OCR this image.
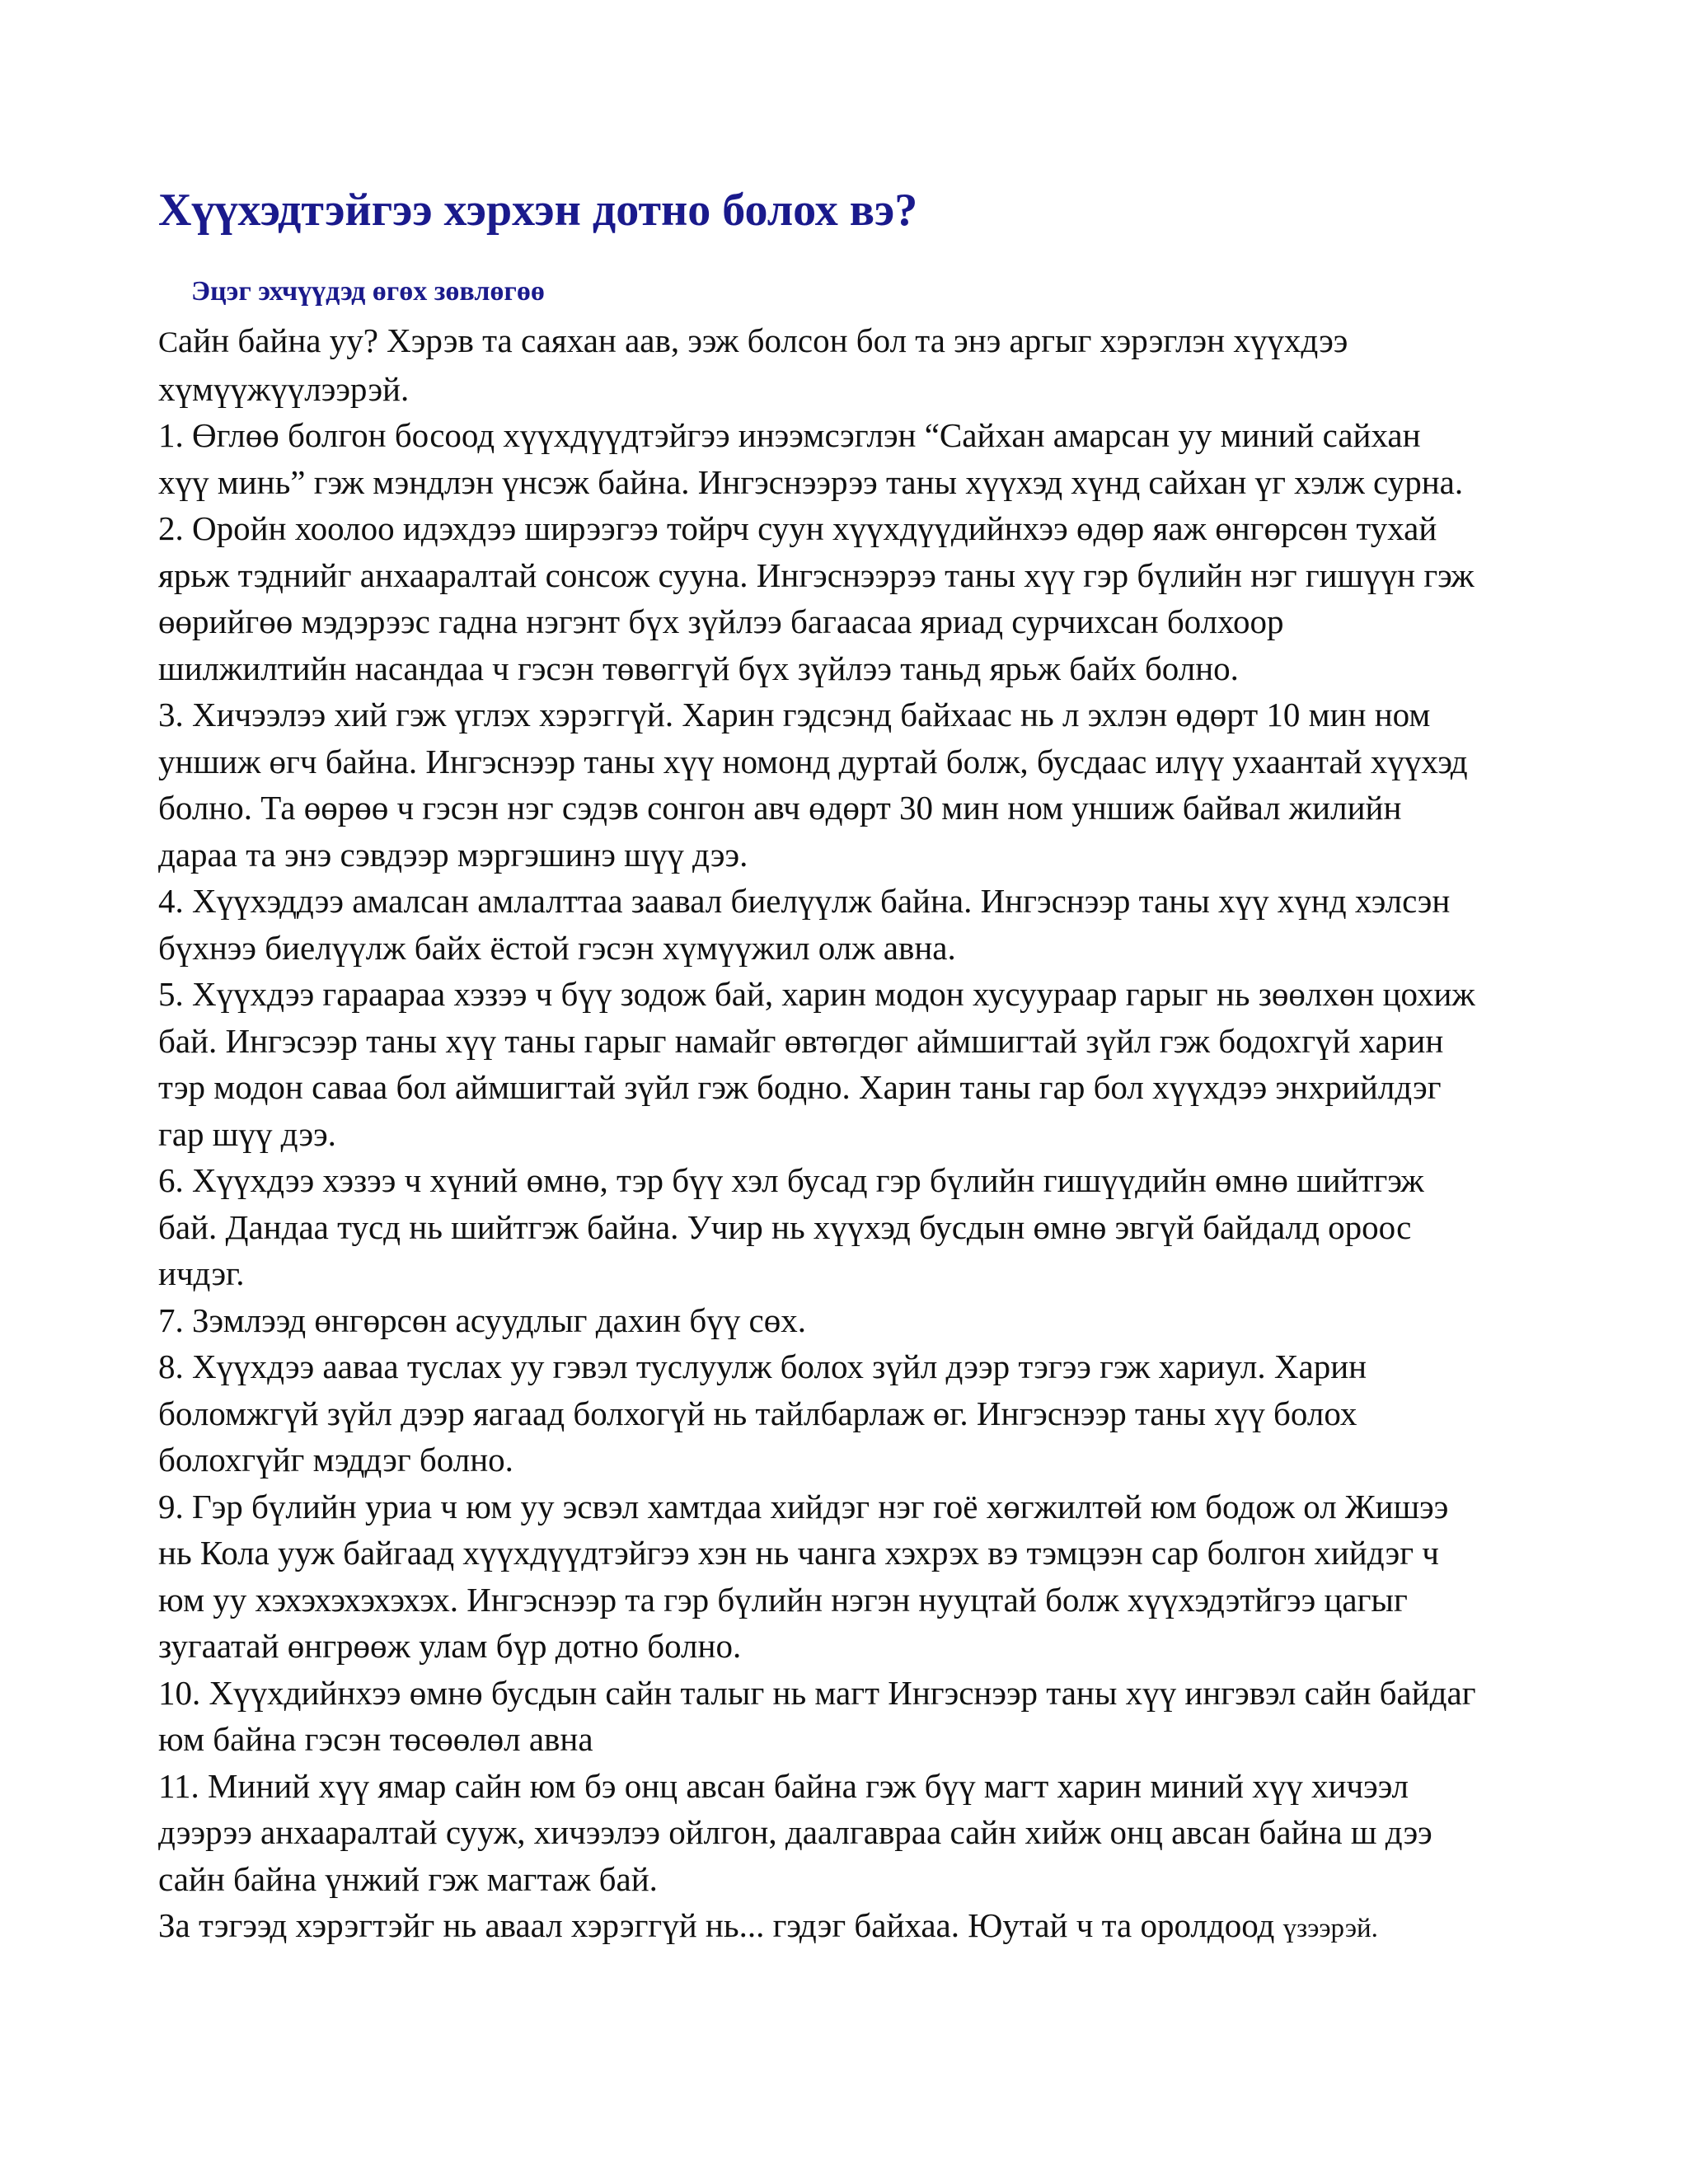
Хүүхэдтэйгээ хэрхэн дотно болох вэ?
Эцэг эхчүүдэд өгөх зөвлөгөө

Сайн байна уу? Хэрэв та саяхан аав, ээж болсон бол та энэ аргыг хэрэглэн хүүхдээ хүмүүжүүлээрэй.

1. Өглөө болгон босоод хүүхдүүдтэйгээ инээмсэглэн “Сайхан амарсан уу миний сайхан хүү минь” гэж мэндлэн үнсэж байна. Ингэснээрээ таны хүүхэд хүнд сайхан үг хэлж сурна.

2. Оройн хоолоо идэхдээ ширээгээ тойрч суун хүүхдүүдийнхээ өдөр яаж өнгөрсөн тухай ярьж тэднийг анхааралтай сонсож сууна. Ингэснээрээ таны хүү гэр бүлийн нэг гишүүн гэж өөрийгөө мэдэрээс гадна нэгэнт бүх зүйлээ багаасаа яриад сурчихсан болхоор шилжилтийн насандаа ч гэсэн төвөггүй бүх зүйлээ таньд ярьж байх болно.

3. Хичээлээ хий гэж үглэх хэрэггүй. Харин гэдсэнд байхаас нь л эхлэн өдөрт 10 мин ном уншиж өгч байна. Ингэснээр таны хүү номонд дуртай болж, бусдаас илүү ухаантай хүүхэд болно. Та өөрөө ч гэсэн нэг сэдэв сонгон авч өдөрт 30 мин ном уншиж байвал жилийн дараа та энэ сэвдээр мэргэшинэ шүү дээ.

4. Хүүхэддээ амалсан амлалттаа заавал биелүүлж байна. Ингэснээр таны хүү хүнд хэлсэн бүхнээ биелүүлж байх ёстой гэсэн хүмүүжил олж авна.

5. Хүүхдээ гараараа хэзээ ч бүү зодож бай, харин модон хусуураар гарыг нь зөөлхөн цохиж бай. Ингэсээр таны хүү таны гарыг намайг өвтөгдөг аймшигтай зүйл гэж бодохгүй харин тэр модон саваа бол аймшигтай зүйл гэж бодно. Харин таны гар бол хүүхдээ энхрийлдэг гар шүү дээ.

6. Хүүхдээ хэзээ ч хүний өмнө, тэр бүү хэл бусад гэр бүлийн гишүүдийн өмнө шийтгэж бай. Дандаа тусд нь шийтгэж байна. Учир нь хүүхэд бусдын өмнө эвгүй байдалд ороос ичдэг.

7. Зэмлээд өнгөрсөн асуудлыг дахин бүү сөх.

8. Хүүхдээ аавaa туслах уу гэвэл туслуулж болох зүйл дээр тэгээ гэж хариул. Харин боломжгүй зүйл дээр яагаад болхогүй нь тайлбарлаж өг. Ингэснээр таны хүү болох болохгүйг мэддэг болно.

9. Гэр бүлийн уриа ч юм уу эсвэл хамтдаа хийдэг нэг гоё хөгжилтөй юм бодож ол Жишээ нь Кола ууж байгаад хүүхдүүдтэйгээ хэн нь чанга хэхрэх вэ тэмцээн сар болгон хийдэг ч юм уу хэхэхэхэхэхэх. Ингэснээр та гэр бүлийн нэгэн нууцтай болж хүүхэдэтйгээ цагыг зугаатай өнгрөөж улам бүр дотно болно.

10. Хүүхдийнхээ өмнө бусдын сайн талыг нь магт Ингэснээр таны хүү ингэвэл сайн байдаг юм байна гэсэн төсөөлөл авна

11. Миний хүү ямар сайн юм бэ онц авсан байна гэж бүү магт харин миний хүү хичээл дээрээ анхааралтай сууж, хичээлээ ойлгон, даалгавраа сайн хийж онц авсан байна ш дээ сайн байна үнжий гэж магтаж бай.

За тэгээд хэрэгтэйг нь аваал хэрэггүй нь... гэдэг байхаа. Юутай ч та оролдоод үзээрэй.
